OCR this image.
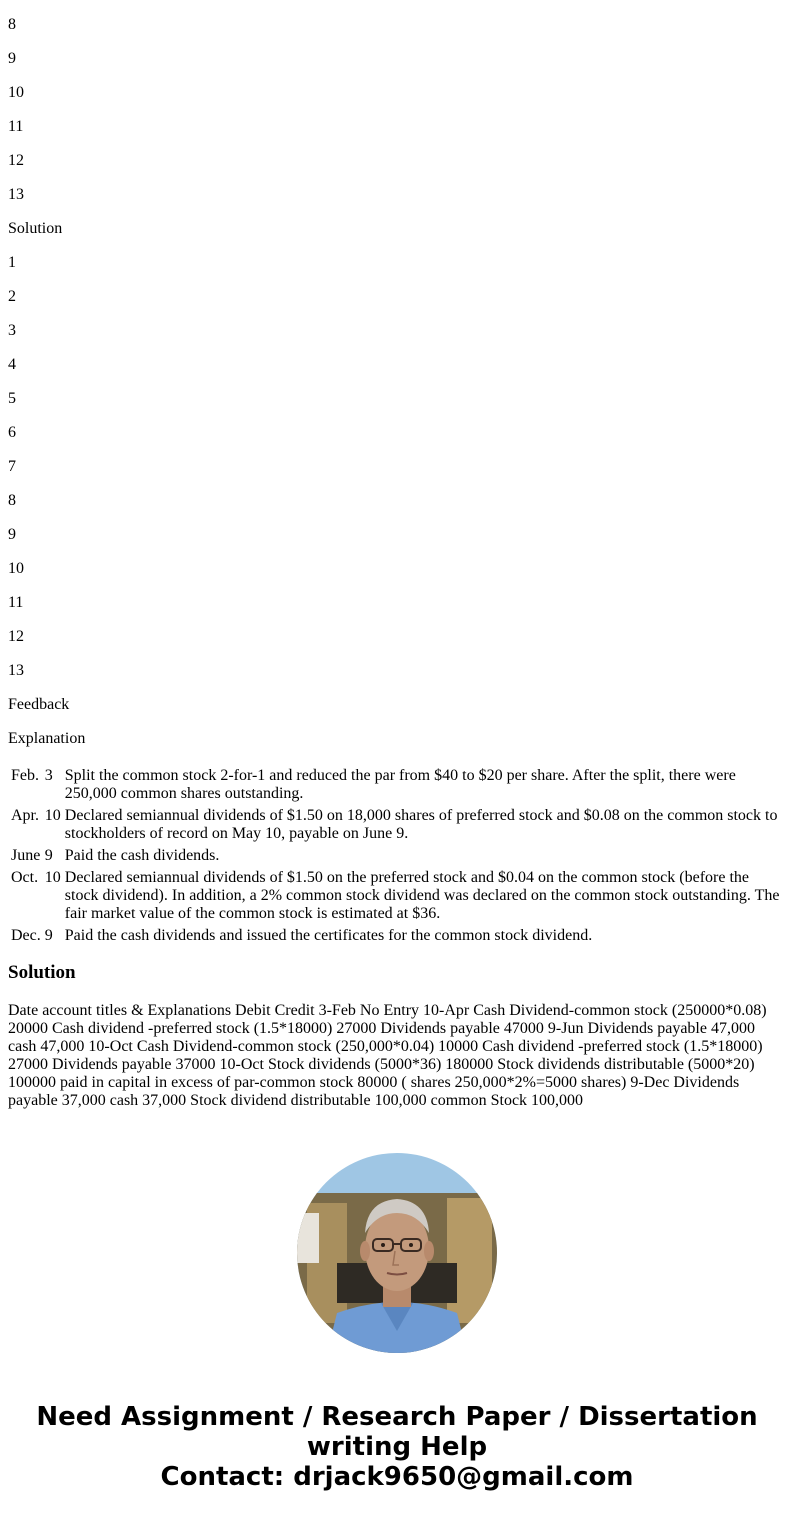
8

9

10

11

12

13

Solution

1

2

3

4

5

6

7

8

9

10

11

12

13

Feedback

Explanation

Feb.	3	Split the common stock 2-for-1 and reduced the par from $40 to $20 per share. After the split, there were 250,000 common shares outstanding.
Apr.	10	Declared semiannual dividends of $1.50 on 18,000 shares of preferred stock and $0.08 on the common stock to stockholders of record on May 10, payable on June 9.
June	9	Paid the cash dividends.
Oct.	10	Declared semiannual dividends of $1.50 on the preferred stock and $0.04 on the common stock (before the stock dividend). In addition, a 2% common stock dividend was declared on the common stock outstanding. The fair market value of the common stock is estimated at $36.
Dec.	9	Paid the cash dividends and issued the certificates for the common stock dividend.
Solution

Date account titles & Explanations Debit Credit 3-Feb No Entry 10-Apr Cash Dividend-common stock (250000*0.08) 20000 Cash dividend -preferred stock (1.5*18000) 27000 Dividends payable 47000 9-Jun Dividends payable 47,000 cash 47,000 10-Oct Cash Dividend-common stock (250,000*0.04) 10000 Cash dividend -preferred stock (1.5*18000) 27000 Dividends payable 37000 10-Oct Stock dividends (5000*36) 180000 Stock dividends distributable (5000*20) 100000 paid in capital in excess of par-common stock 80000 ( shares 250,000*2%=5000 shares) 9-Dec Dividends payable 37,000 cash 37,000 Stock dividend distributable 100,000 common Stock 100,000

Need Assignment / Research Paper / Dissertation
writing Help
Contact: drjack9650@gmail.com
